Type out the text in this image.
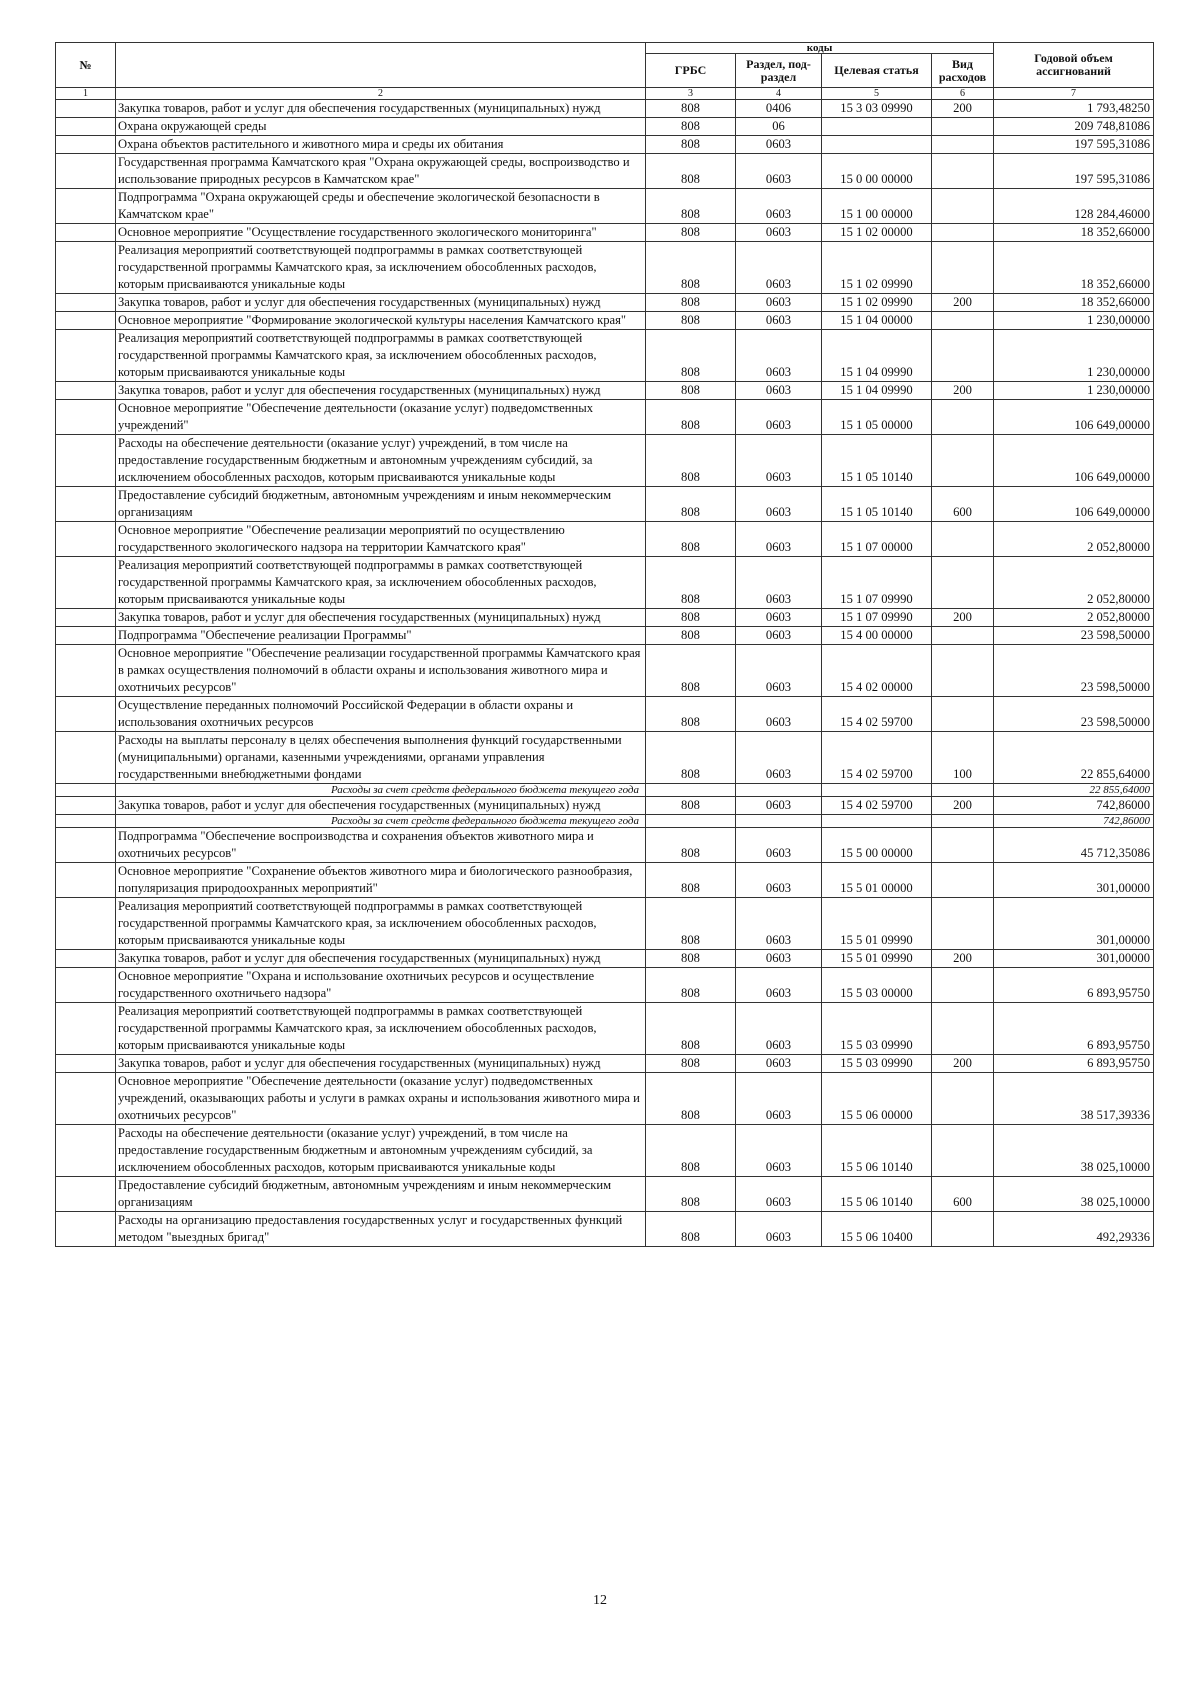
№		коды				Годовой объем ассигнований
		ГРБС	Раздел, под-раздел	Целевая статья	Вид расходов	
1	2	3	4	5	6	7
	Закупка товаров, работ и услуг для обеспечения государственных (муниципальных) нужд	808	0406	15 3 03 09990	200	1 793,48250
	Охрана окружающей среды	808	06			209 748,81086
	Охрана объектов растительного и животного мира и среды их обитания	808	0603			197 595,31086
	Государственная программа Камчатского края "Охрана окружающей среды, воспроизводство и использование природных ресурсов в Камчатском крае"	808	0603	15 0 00 00000		197 595,31086
	Подпрограмма "Охрана окружающей среды и обеспечение экологической безопасности в Камчатском крае"	808	0603	15 1 00 00000		128 284,46000
	Основное мероприятие "Осуществление государственного экологического мониторинга"	808	0603	15 1 02 00000		18 352,66000
	Реализация мероприятий соответствующей подпрограммы в рамках соответствующей государственной программы Камчатского края, за исключением обособленных расходов, которым присваиваются уникальные коды	808	0603	15 1 02 09990		18 352,66000
	Закупка товаров, работ и услуг для обеспечения государственных (муниципальных) нужд	808	0603	15 1 02 09990	200	18 352,66000
	Основное мероприятие "Формирование экологической культуры населения Камчатского края"	808	0603	15 1 04 00000		1 230,00000
	Реализация мероприятий соответствующей подпрограммы в рамках соответствующей государственной программы Камчатского края, за исключением обособленных расходов, которым присваиваются уникальные коды	808	0603	15 1 04 09990		1 230,00000
	Закупка товаров, работ и услуг для обеспечения государственных (муниципальных) нужд	808	0603	15 1 04 09990	200	1 230,00000
	Основное мероприятие "Обеспечение деятельности (оказание услуг) подведомственных учреждений"	808	0603	15 1 05 00000		106 649,00000
	Расходы на обеспечение деятельности (оказание услуг) учреждений, в том числе на предоставление государственным бюджетным и автономным учреждениям субсидий, за исключением обособленных расходов, которым присваиваются уникальные коды	808	0603	15 1 05 10140		106 649,00000
	Предоставление субсидий бюджетным, автономным учреждениям и иным некоммерческим организациям	808	0603	15 1 05 10140	600	106 649,00000
	Основное мероприятие "Обеспечение реализации мероприятий по осуществлению государственного экологического надзора на территории Камчатского края"	808	0603	15 1 07 00000		2 052,80000
	Реализация мероприятий соответствующей подпрограммы в рамках соответствующей государственной программы Камчатского края, за исключением обособленных расходов, которым присваиваются уникальные коды	808	0603	15 1 07 09990		2 052,80000
	Закупка товаров, работ и услуг для обеспечения государственных (муниципальных) нужд	808	0603	15 1 07 09990	200	2 052,80000
	Подпрограмма "Обеспечение реализации Программы"	808	0603	15 4 00 00000		23 598,50000
	Основное мероприятие "Обеспечение реализации государственной программы Камчатского края в рамках осуществления полномочий в области охраны и использования животного мира и охотничьих ресурсов"	808	0603	15 4 02 00000		23 598,50000
	Осуществление переданных полномочий Российской Федерации в области охраны и использования охотничьих ресурсов	808	0603	15 4 02 59700		23 598,50000
	Расходы на выплаты персоналу в целях обеспечения выполнения функций государственными (муниципальными) органами, казенными учреждениями, органами управления государственными внебюджетными фондами	808	0603	15 4 02 59700	100	22 855,64000
	Расходы за счет средств федерального бюджета текущего года					22 855,64000
	Закупка товаров, работ и услуг для обеспечения государственных (муниципальных) нужд	808	0603	15 4 02 59700	200	742,86000
	Расходы за счет средств федерального бюджета текущего года					742,86000
	Подпрограмма "Обеспечение воспроизводства и сохранения объектов животного мира и охотничьих ресурсов"	808	0603	15 5 00 00000		45 712,35086
	Основное мероприятие "Сохранение объектов животного мира и биологического разнообразия, популяризация природоохранных мероприятий"	808	0603	15 5 01 00000		301,00000
	Реализация мероприятий соответствующей подпрограммы в рамках соответствующей государственной программы Камчатского края, за исключением обособленных расходов, которым присваиваются уникальные коды	808	0603	15 5 01 09990		301,00000
	Закупка товаров, работ и услуг для обеспечения государственных (муниципальных) нужд	808	0603	15 5 01 09990	200	301,00000
	Основное мероприятие "Охрана и использование охотничьих ресурсов и осуществление государственного охотничьего надзора"	808	0603	15 5 03 00000		6 893,95750
	Реализация мероприятий соответствующей подпрограммы в рамках соответствующей государственной программы Камчатского края, за исключением обособленных расходов, которым присваиваются уникальные коды	808	0603	15 5 03 09990		6 893,95750
	Закупка товаров, работ и услуг для обеспечения государственных (муниципальных) нужд	808	0603	15 5 03 09990	200	6 893,95750
	Основное мероприятие "Обеспечение деятельности (оказание услуг) подведомственных учреждений, оказывающих работы и услуги в рамках охраны и использования животного мира и охотничьих ресурсов"	808	0603	15 5 06 00000		38 517,39336
	Расходы на обеспечение деятельности (оказание услуг) учреждений, в том числе на предоставление государственным бюджетным и автономным учреждениям субсидий, за исключением обособленных расходов, которым присваиваются уникальные коды	808	0603	15 5 06 10140		38 025,10000
	Предоставление субсидий бюджетным, автономным учреждениям и иным некоммерческим организациям	808	0603	15 5 06 10140	600	38 025,10000
	Расходы на организацию предоставления государственных услуг и государственных функций методом "выездных бригад"	808	0603	15 5 06 10400		492,29336
12
